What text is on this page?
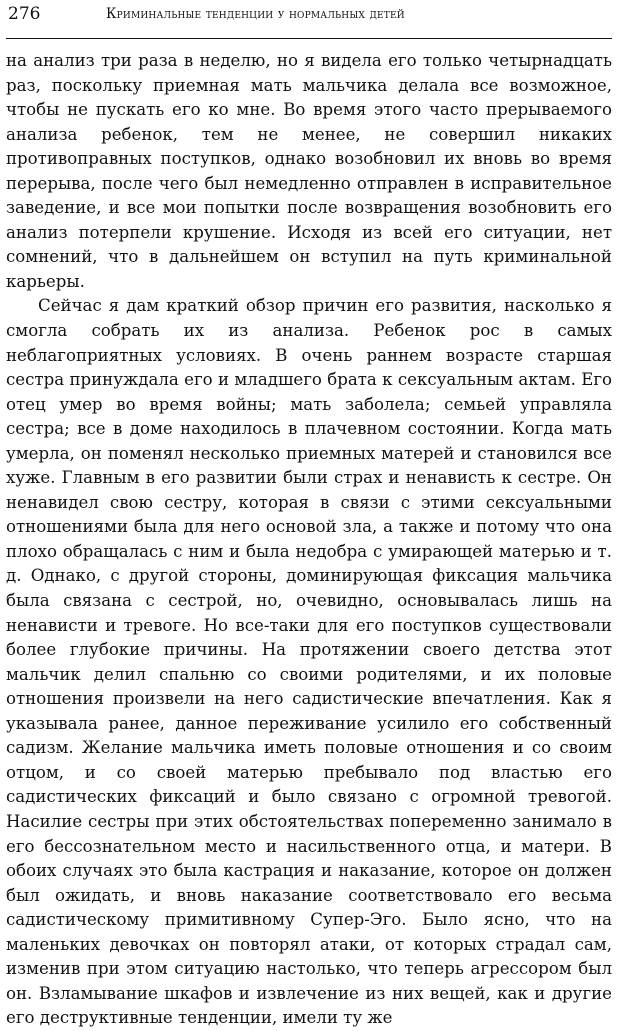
276	Криминальные тенденции у нормальных детей

на анализ три раза в неделю, но я видела его только четырнадцать раз, поскольку приемная мать мальчика делала все возможное, чтобы не пускать его ко мне. Во время этого часто прерываемого анализа ребенок, тем не менее, не совершил никаких противоправных поступков, однако возобновил их вновь во время перерыва, после чего был немедленно отправлен в исправительное заведение, и все мои попытки после возвращения возобновить его анализ потерпели крушение. Исходя из всей его ситуации, нет сомнений, что в дальнейшем он вступил на путь криминальной карьеры.

Сейчас я дам краткий обзор причин его развития, насколько я смогла собрать их из анализа. Ребенок рос в самых неблагоприятных условиях. В очень раннем возрасте старшая сестра принуждала его и младшего брата к сексуальным актам. Его отец умер во время войны; мать заболела; семьей управляла сестра; все в доме находилось в плачевном состоянии. Когда мать умерла, он поменял несколько приемных матерей и становился все хуже. Главным в его развитии были страх и ненависть к сестре. Он ненавидел свою сестру, которая в связи с этими сексуальными отношениями была для него основой зла, а также и потому что она плохо обращалась с ним и была недобра с умирающей матерью и т. д. Однако, с другой стороны, доминирующая фиксация мальчика была связана с сестрой, но, очевидно, основывалась лишь на ненависти и тревоге. Но все-таки для его поступков существовали более глубокие причины. На протяжении своего детства этот мальчик делил спальню со своими родителями, и их половые отношения произвели на него садистические впечатления. Как я указывала ранее, данное переживание усилило его собственный садизм. Желание мальчика иметь половые отношения и со своим отцом, и со своей матерью пребывало под властью его садистических фиксаций и было связано с огромной тревогой. Насилие сестры при этих обстоятельствах попеременно занимало в его бессознательном место и насильственного отца, и матери. В обоих случаях это была кастрация и наказание, которое он должен был ожидать, и вновь наказание соответствовало его весьма садистическому примитивному Супер-Эго. Было ясно, что на маленьких девочках он повторял атаки, от которых страдал сам, изменив при этом ситуацию настолько, что теперь агрессором был он. Взламывание шкафов и извлечение из них вещей, как и другие его деструктивные тенденции, имели ту же
